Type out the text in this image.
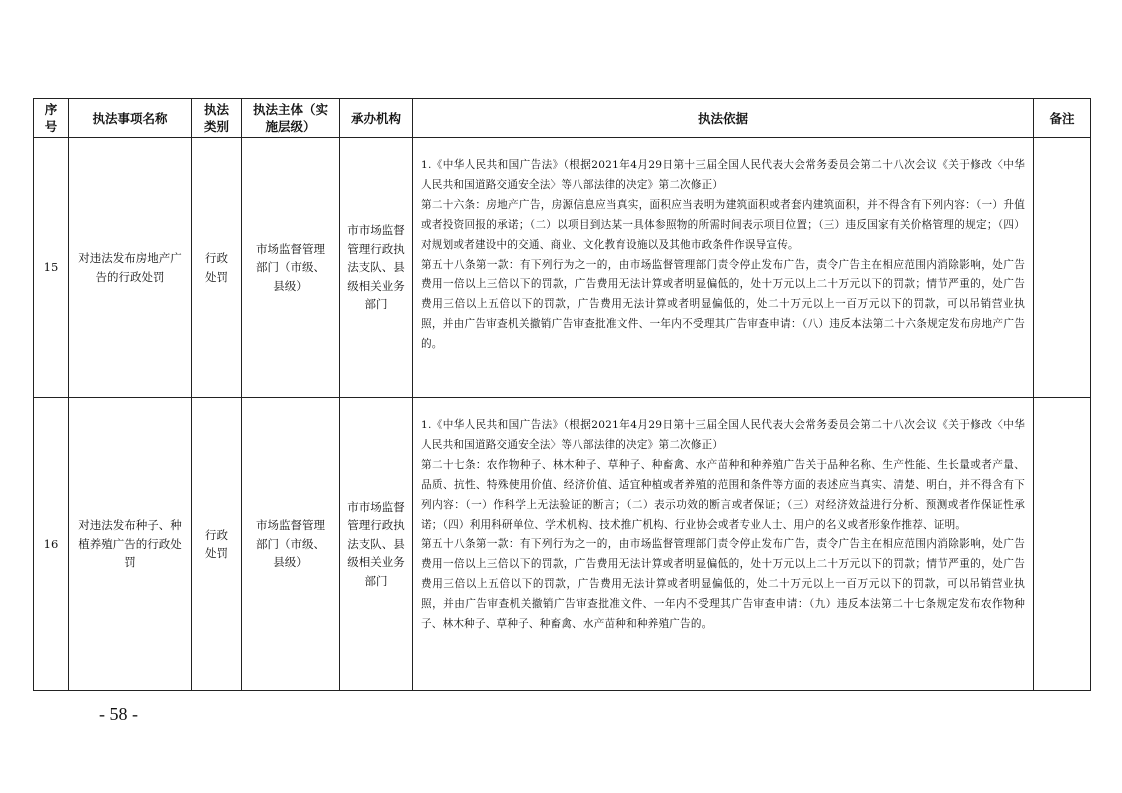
序号	执法事项名称	执法类别	执法主体（实施层级）	承办机构	执法依据	备注
15	对违法发布房地产广告的行政处罚	行政处罚	市场监督管理部门（市级、县级）	市市场监督管理行政执法支队、县级相关业务部门	1.《中华人民共和国广告法》（根据2021年4月29日第十三届全国人民代表大会常务委员会第二十八次会议《关于修改〈中华人民共和国道路交通安全法〉等八部法律的决定》第二次修正）
第二十六条：房地产广告，房源信息应当真实，面积应当表明为建筑面积或者套内建筑面积，并不得含有下列内容：（一）升值或者投资回报的承诺；（二）以项目到达某一具体参照物的所需时间表示项目位置；（三）违反国家有关价格管理的规定；（四）对规划或者建设中的交通、商业、文化教育设施以及其他市政条件作误导宣传。
第五十八条第一款：有下列行为之一的，由市场监督管理部门责令停止发布广告，责令广告主在相应范围内消除影响，处广告费用一倍以上三倍以下的罚款，广告费用无法计算或者明显偏低的，处十万元以上二十万元以下的罚款；情节严重的，处广告费用三倍以上五倍以下的罚款，广告费用无法计算或者明显偏低的，处二十万元以上一百万元以下的罚款，可以吊销营业执照，并由广告审查机关撤销广告审查批准文件、一年内不受理其广告审查申请：（八）违反本法第二十六条规定发布房地产广告的。	

16	对违法发布种子、种植养殖广告的行政处罚	行政处罚	市场监督管理部门（市级、县级）	市市场监督管理行政执法支队、县级相关业务部门	1.《中华人民共和国广告法》（根据2021年4月29日第十三届全国人民代表大会常务委员会第二十八次会议《关于修改〈中华人民共和国道路交通安全法〉等八部法律的决定》第二次修正）
第二十七条：农作物种子、林木种子、草种子、种畜禽、水产苗种和种养殖广告关于品种名称、生产性能、生长量或者产量、品质、抗性、特殊使用价值、经济价值、适宜种植或者养殖的范围和条件等方面的表述应当真实、清楚、明白，并不得含有下列内容：（一）作科学上无法验证的断言；（二）表示功效的断言或者保证；（三）对经济效益进行分析、预测或者作保证性承诺；（四）利用科研单位、学术机构、技术推广机构、行业协会或者专业人士、用户的名义或者形象作推荐、证明。
第五十八条第一款：有下列行为之一的，由市场监督管理部门责令停止发布广告，责令广告主在相应范围内消除影响，处广告费用一倍以上三倍以下的罚款，广告费用无法计算或者明显偏低的，处十万元以上二十万元以下的罚款；情节严重的，处广告费用三倍以上五倍以下的罚款，广告费用无法计算或者明显偏低的，处二十万元以上一百万元以下的罚款，可以吊销营业执照，并由广告审查机关撤销广告审查批准文件、一年内不受理其广告审查申请：（九）违反本法第二十七条规定发布农作物种子、林木种子、草种子、种畜禽、水产苗种和种养殖广告的。	

- 58 -
